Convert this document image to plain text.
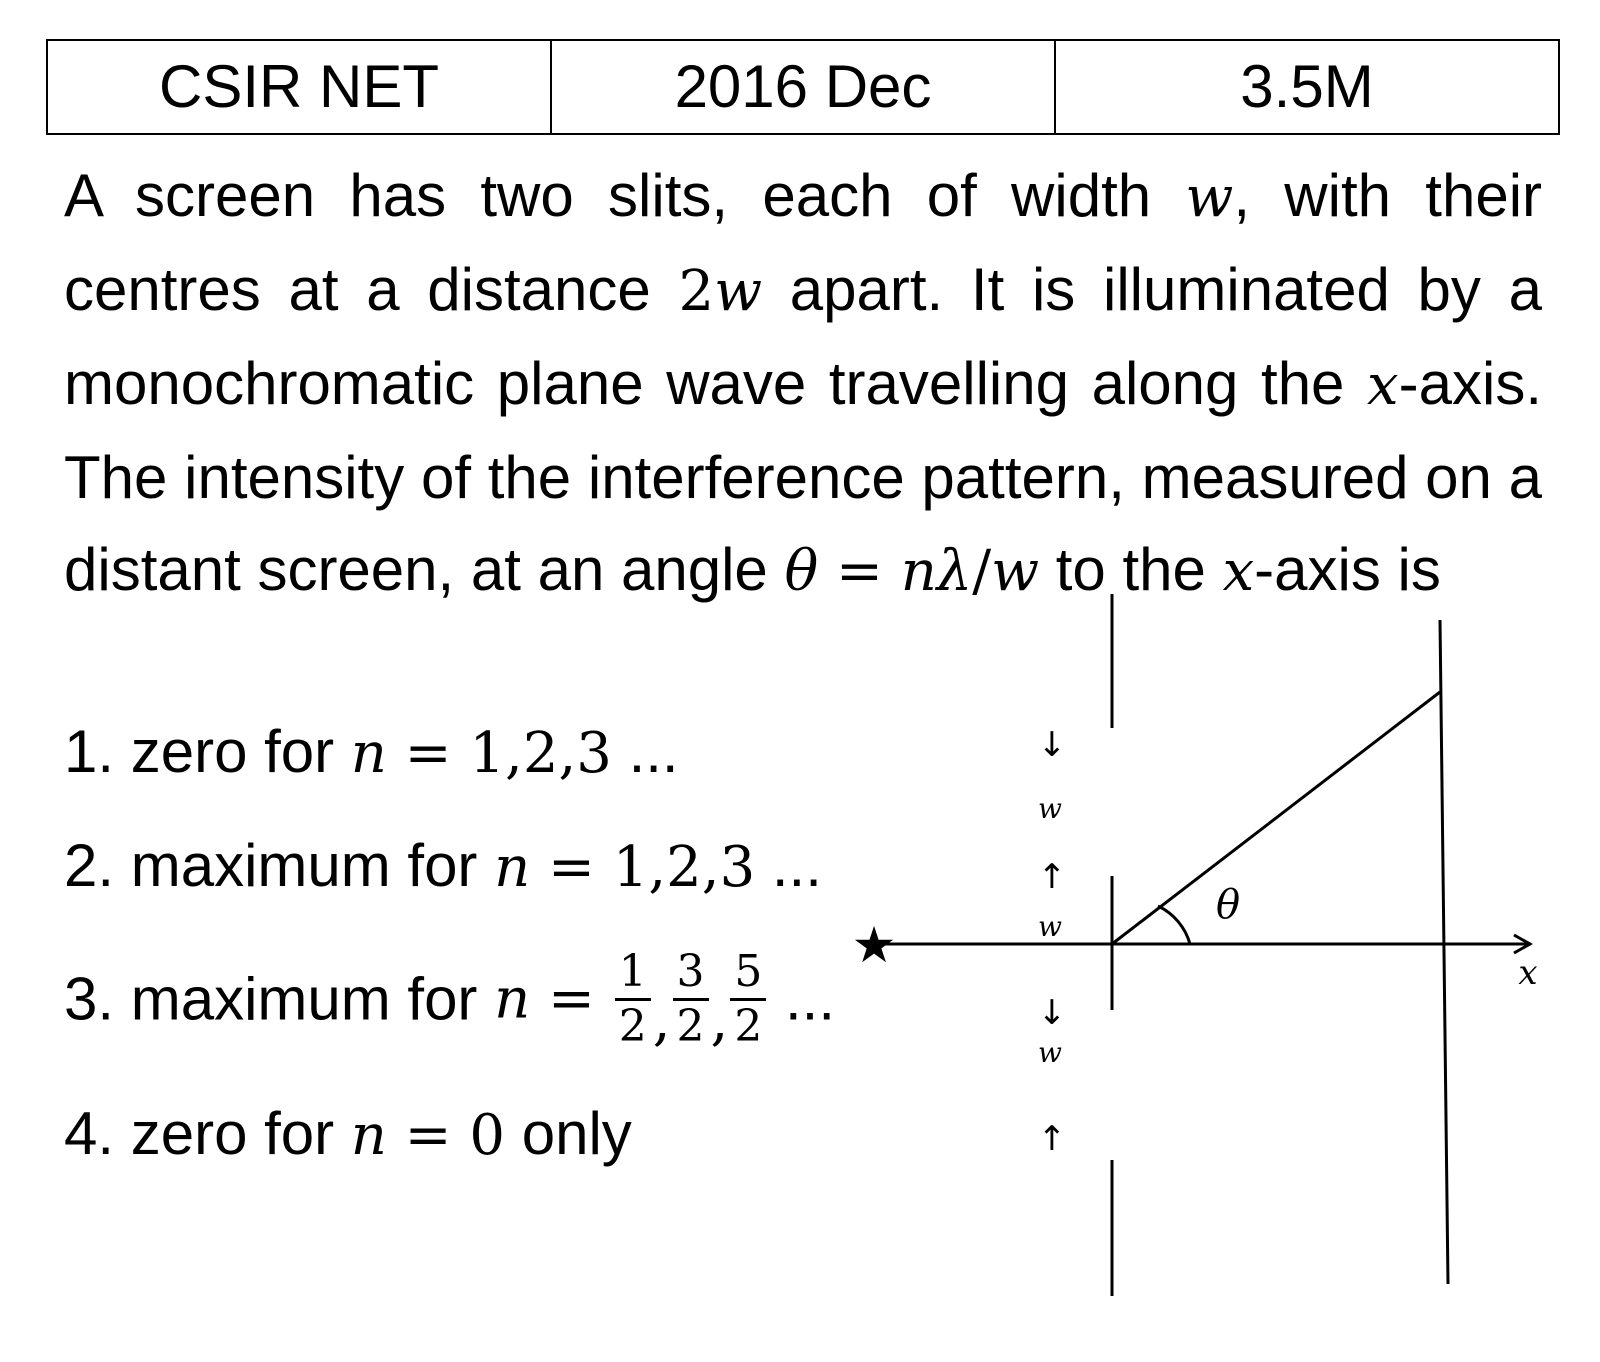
CSIR NET	2016 Dec	3.5M

A screen has two slits, each of width w, with their centres at a distance 2w apart. It is illuminated by a monochromatic plane wave travelling along the x-axis. The intensity of the interference pattern, measured on a distant screen, at an angle θ = nλ/w to the x-axis is

1. zero for n = 1,2,3 ...
2. maximum for n = 1,2,3 ...
3. maximum for $n = \frac{1}{2}$ , $\frac{3}{2}$ , $\frac{5}{2}$ ...
4. zero for n = 0 only
★
↓
↑
↓
↑
w
w
w
θ
x
